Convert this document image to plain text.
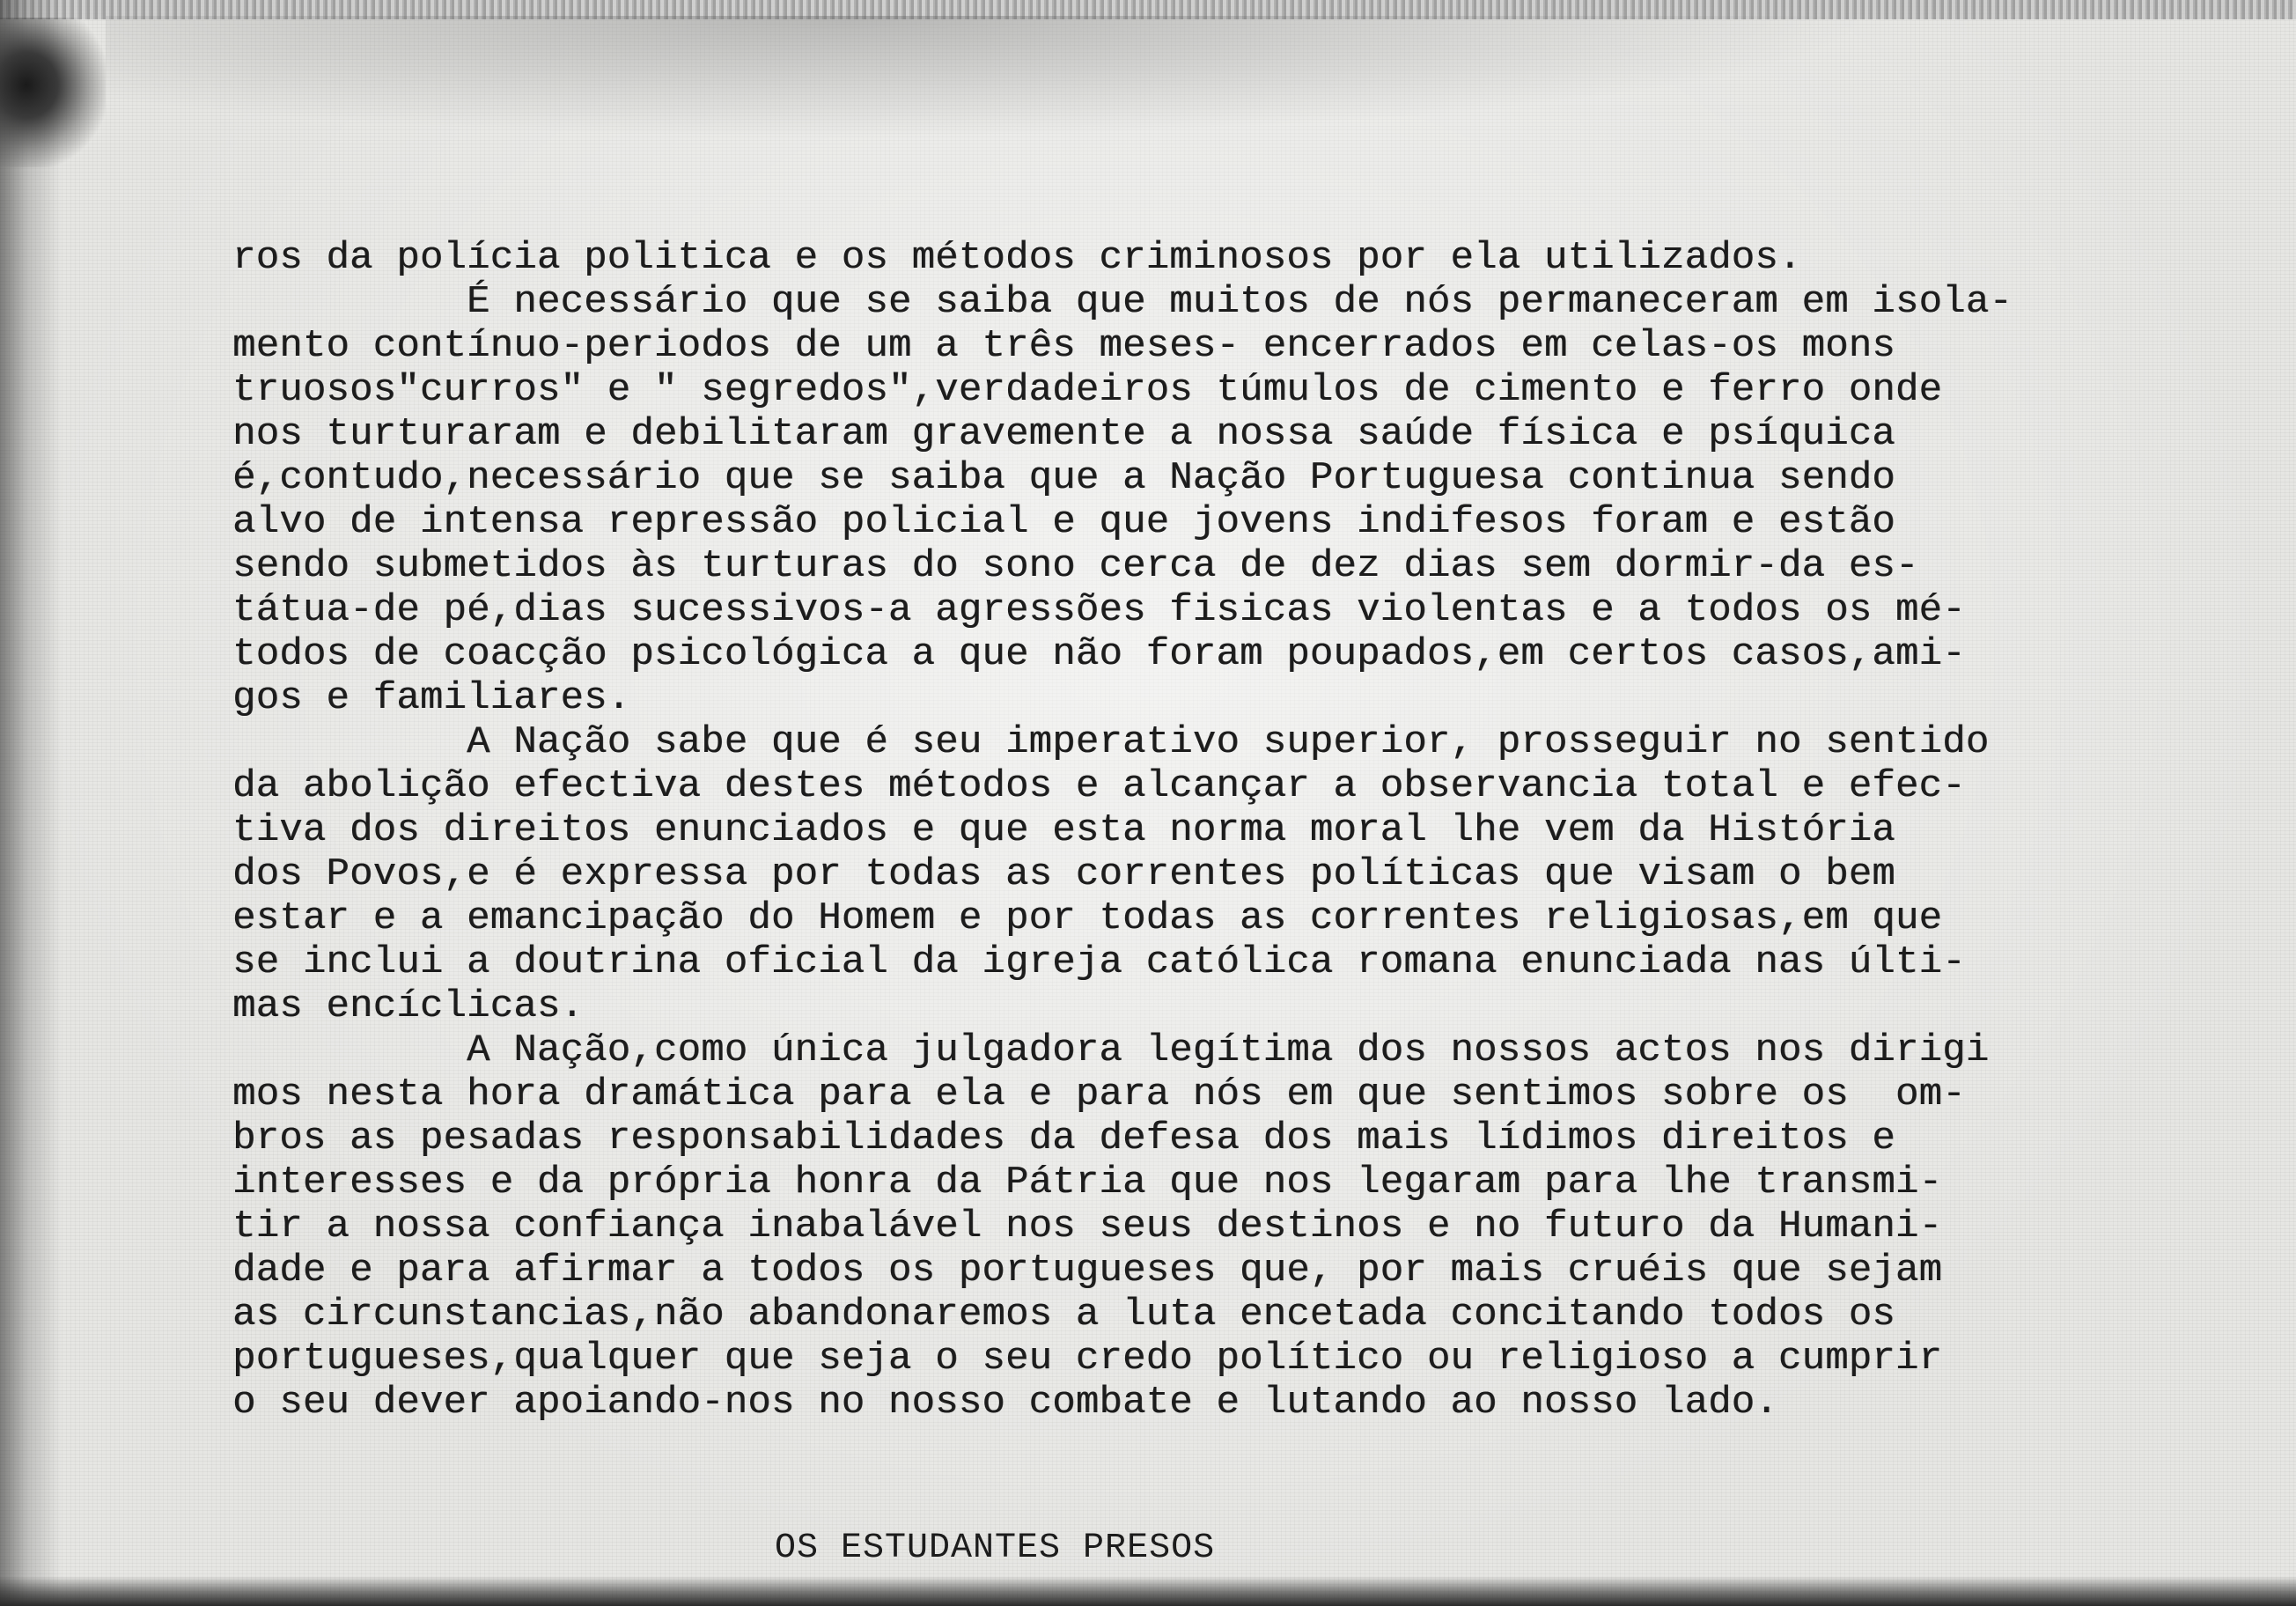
ros da polícia politica e os métodos criminosos por ela utilizados.
É necessário que se saiba que muitos de nós permaneceram em isola-
mento contínuo-periodos de um a três meses- encerrados em celas-os mons
truosos"curros" e " segredos",verdadeiros túmulos de cimento e ferro onde
nos turturaram e debilitaram gravemente a nossa saúde física e psíquica
é,contudo,necessário que se saiba que a Nação Portuguesa continua sendo
alvo de intensa repressão policial e que jovens indifesos foram e estão
sendo submetidos às turturas do sono cerca de dez dias sem dormir-da es-
tátua-de pé,dias sucessivos-a agressões fisicas violentas e a todos os mé-
todos de coacção psicológica a que não foram poupados,em certos casos,ami-
gos e familiares.
A Nação sabe que é seu imperativo superior, prosseguir no sentido
da abolição efectiva destes métodos e alcançar a observancia total e efec-
tiva dos direitos enunciados e que esta norma moral lhe vem da História
dos Povos,e é expressa por todas as correntes políticas que visam o bem
estar e a emancipação do Homem e por todas as correntes religiosas,em que
se inclui a doutrina oficial da igreja católica romana enunciada nas últi-
mas encíclicas.
A Nação,como única julgadora legítima dos nossos actos nos dirigi
mos nesta hora dramática para ela e para nós em que sentimos sobre os  om-
bros as pesadas responsabilidades da defesa dos mais lídimos direitos e
interesses e da própria honra da Pátria que nos legaram para lhe transmi-
tir a nossa confiança inabalável nos seus destinos e no futuro da Humani-
dade e para afirmar a todos os portugueses que, por mais cruéis que sejam
as circunstancias,não abandonaremos a luta encetada concitando todos os
portugueses,qualquer que seja o seu credo político ou religioso a cumprir
o seu dever apoiando-nos no nosso combate e lutando ao nosso lado.
OS ESTUDANTES PRESOS
